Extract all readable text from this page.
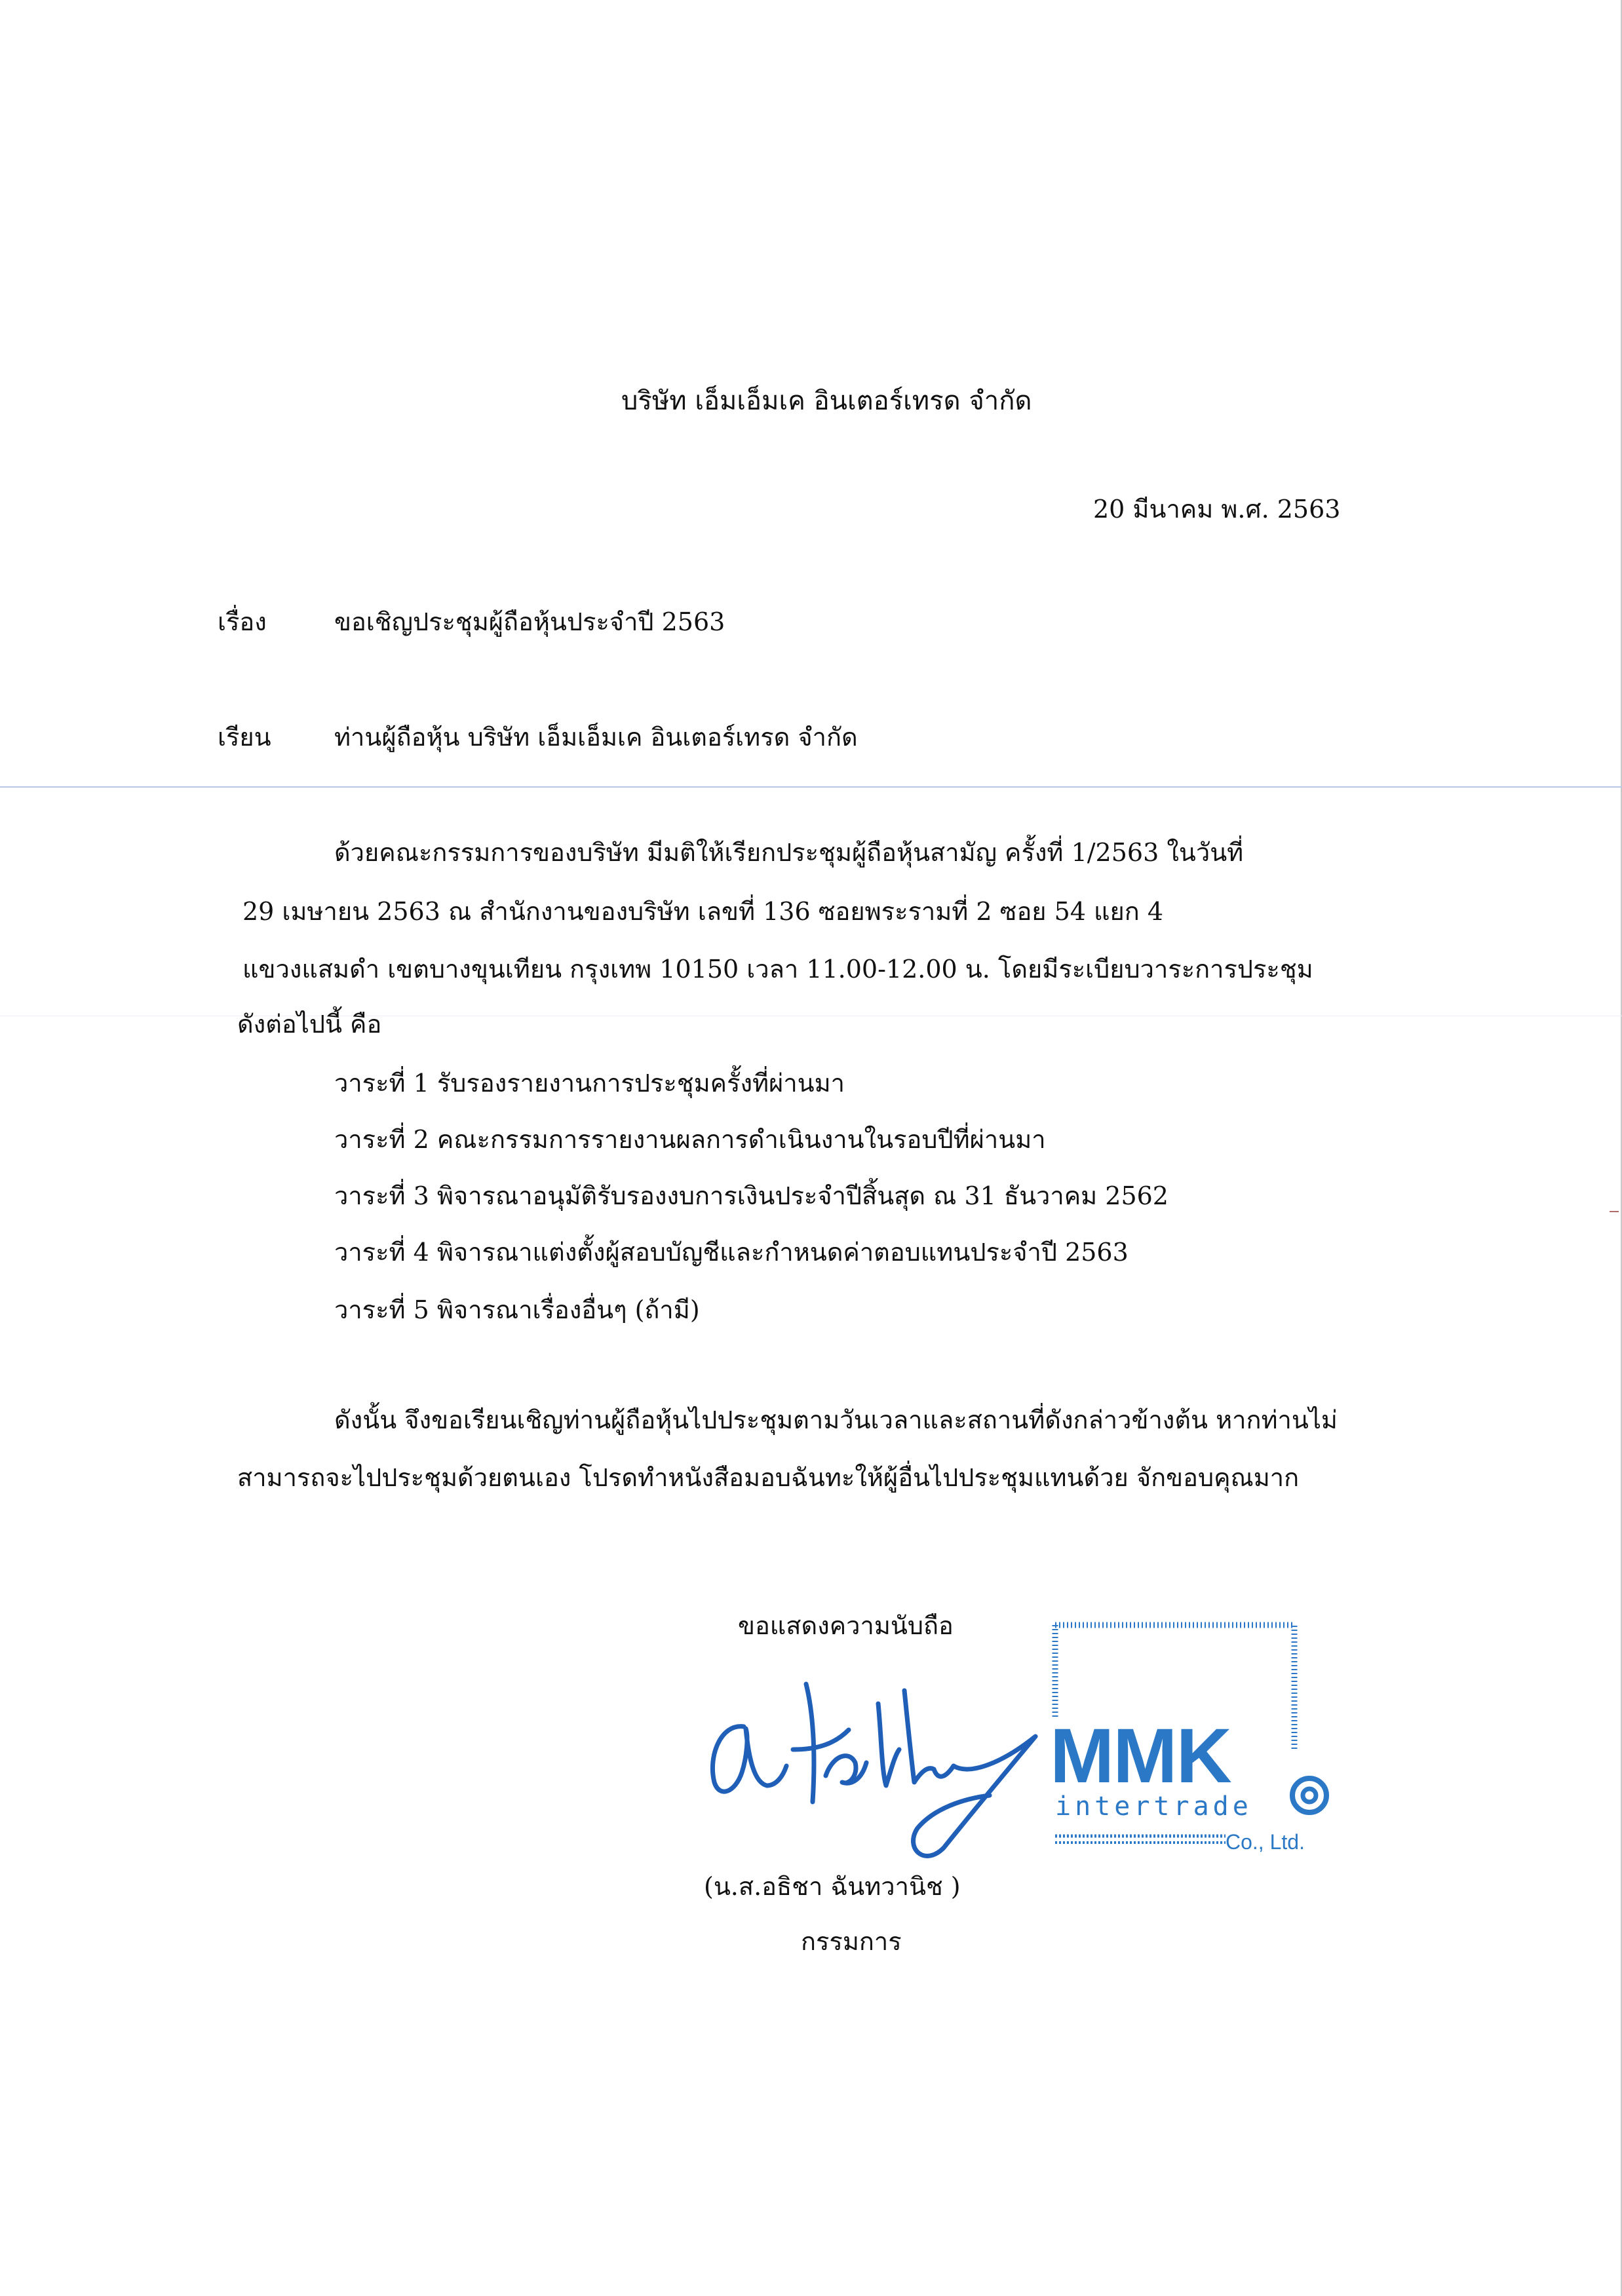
บริษัท เอ็มเอ็มเค อินเตอร์เทรด จำกัด
20 มีนาคม พ.ศ. 2563
เรื่อง	ขอเชิญประชุมผู้ถือหุ้นประจำปี 2563
เรียน	ท่านผู้ถือหุ้น บริษัท เอ็มเอ็มเค อินเตอร์เทรด จำกัด
ด้วยคณะกรรมการของบริษัท มีมติให้เรียกประชุมผู้ถือหุ้นสามัญ ครั้งที่ 1/2563 ในวันที่
29 เมษายน 2563 ณ สำนักงานของบริษัท เลขที่ 136 ซอยพระรามที่ 2 ซอย 54 แยก 4
แขวงแสมดำ เขตบางขุนเทียน กรุงเทพ 10150 เวลา 11.00-12.00 น. โดยมีระเบียบวาระการประชุม
ดังต่อไปนี้ คือ
วาระที่ 1 รับรองรายงานการประชุมครั้งที่ผ่านมา
วาระที่ 2 คณะกรรมการรายงานผลการดำเนินงานในรอบปีที่ผ่านมา
วาระที่ 3 พิจารณาอนุมัติรับรองงบการเงินประจำปีสิ้นสุด ณ 31 ธันวาคม 2562
วาระที่ 4 พิจารณาแต่งตั้งผู้สอบบัญชีและกำหนดค่าตอบแทนประจำปี 2563
วาระที่ 5 พิจารณาเรื่องอื่นๆ (ถ้ามี)
ดังนั้น จึงขอเรียนเชิญท่านผู้ถือหุ้นไปประชุมตามวันเวลาและสถานที่ดังกล่าวข้างต้น หากท่านไม่
สามารถจะไปประชุมด้วยตนเอง โปรดทำหนังสือมอบฉันทะให้ผู้อื่นไปประชุมแทนด้วย จักขอบคุณมาก
ขอแสดงความนับถือ
MMK
intertrade
Co., Ltd.
(น.ส.อธิชา ฉันทวานิช )
กรรมการ
